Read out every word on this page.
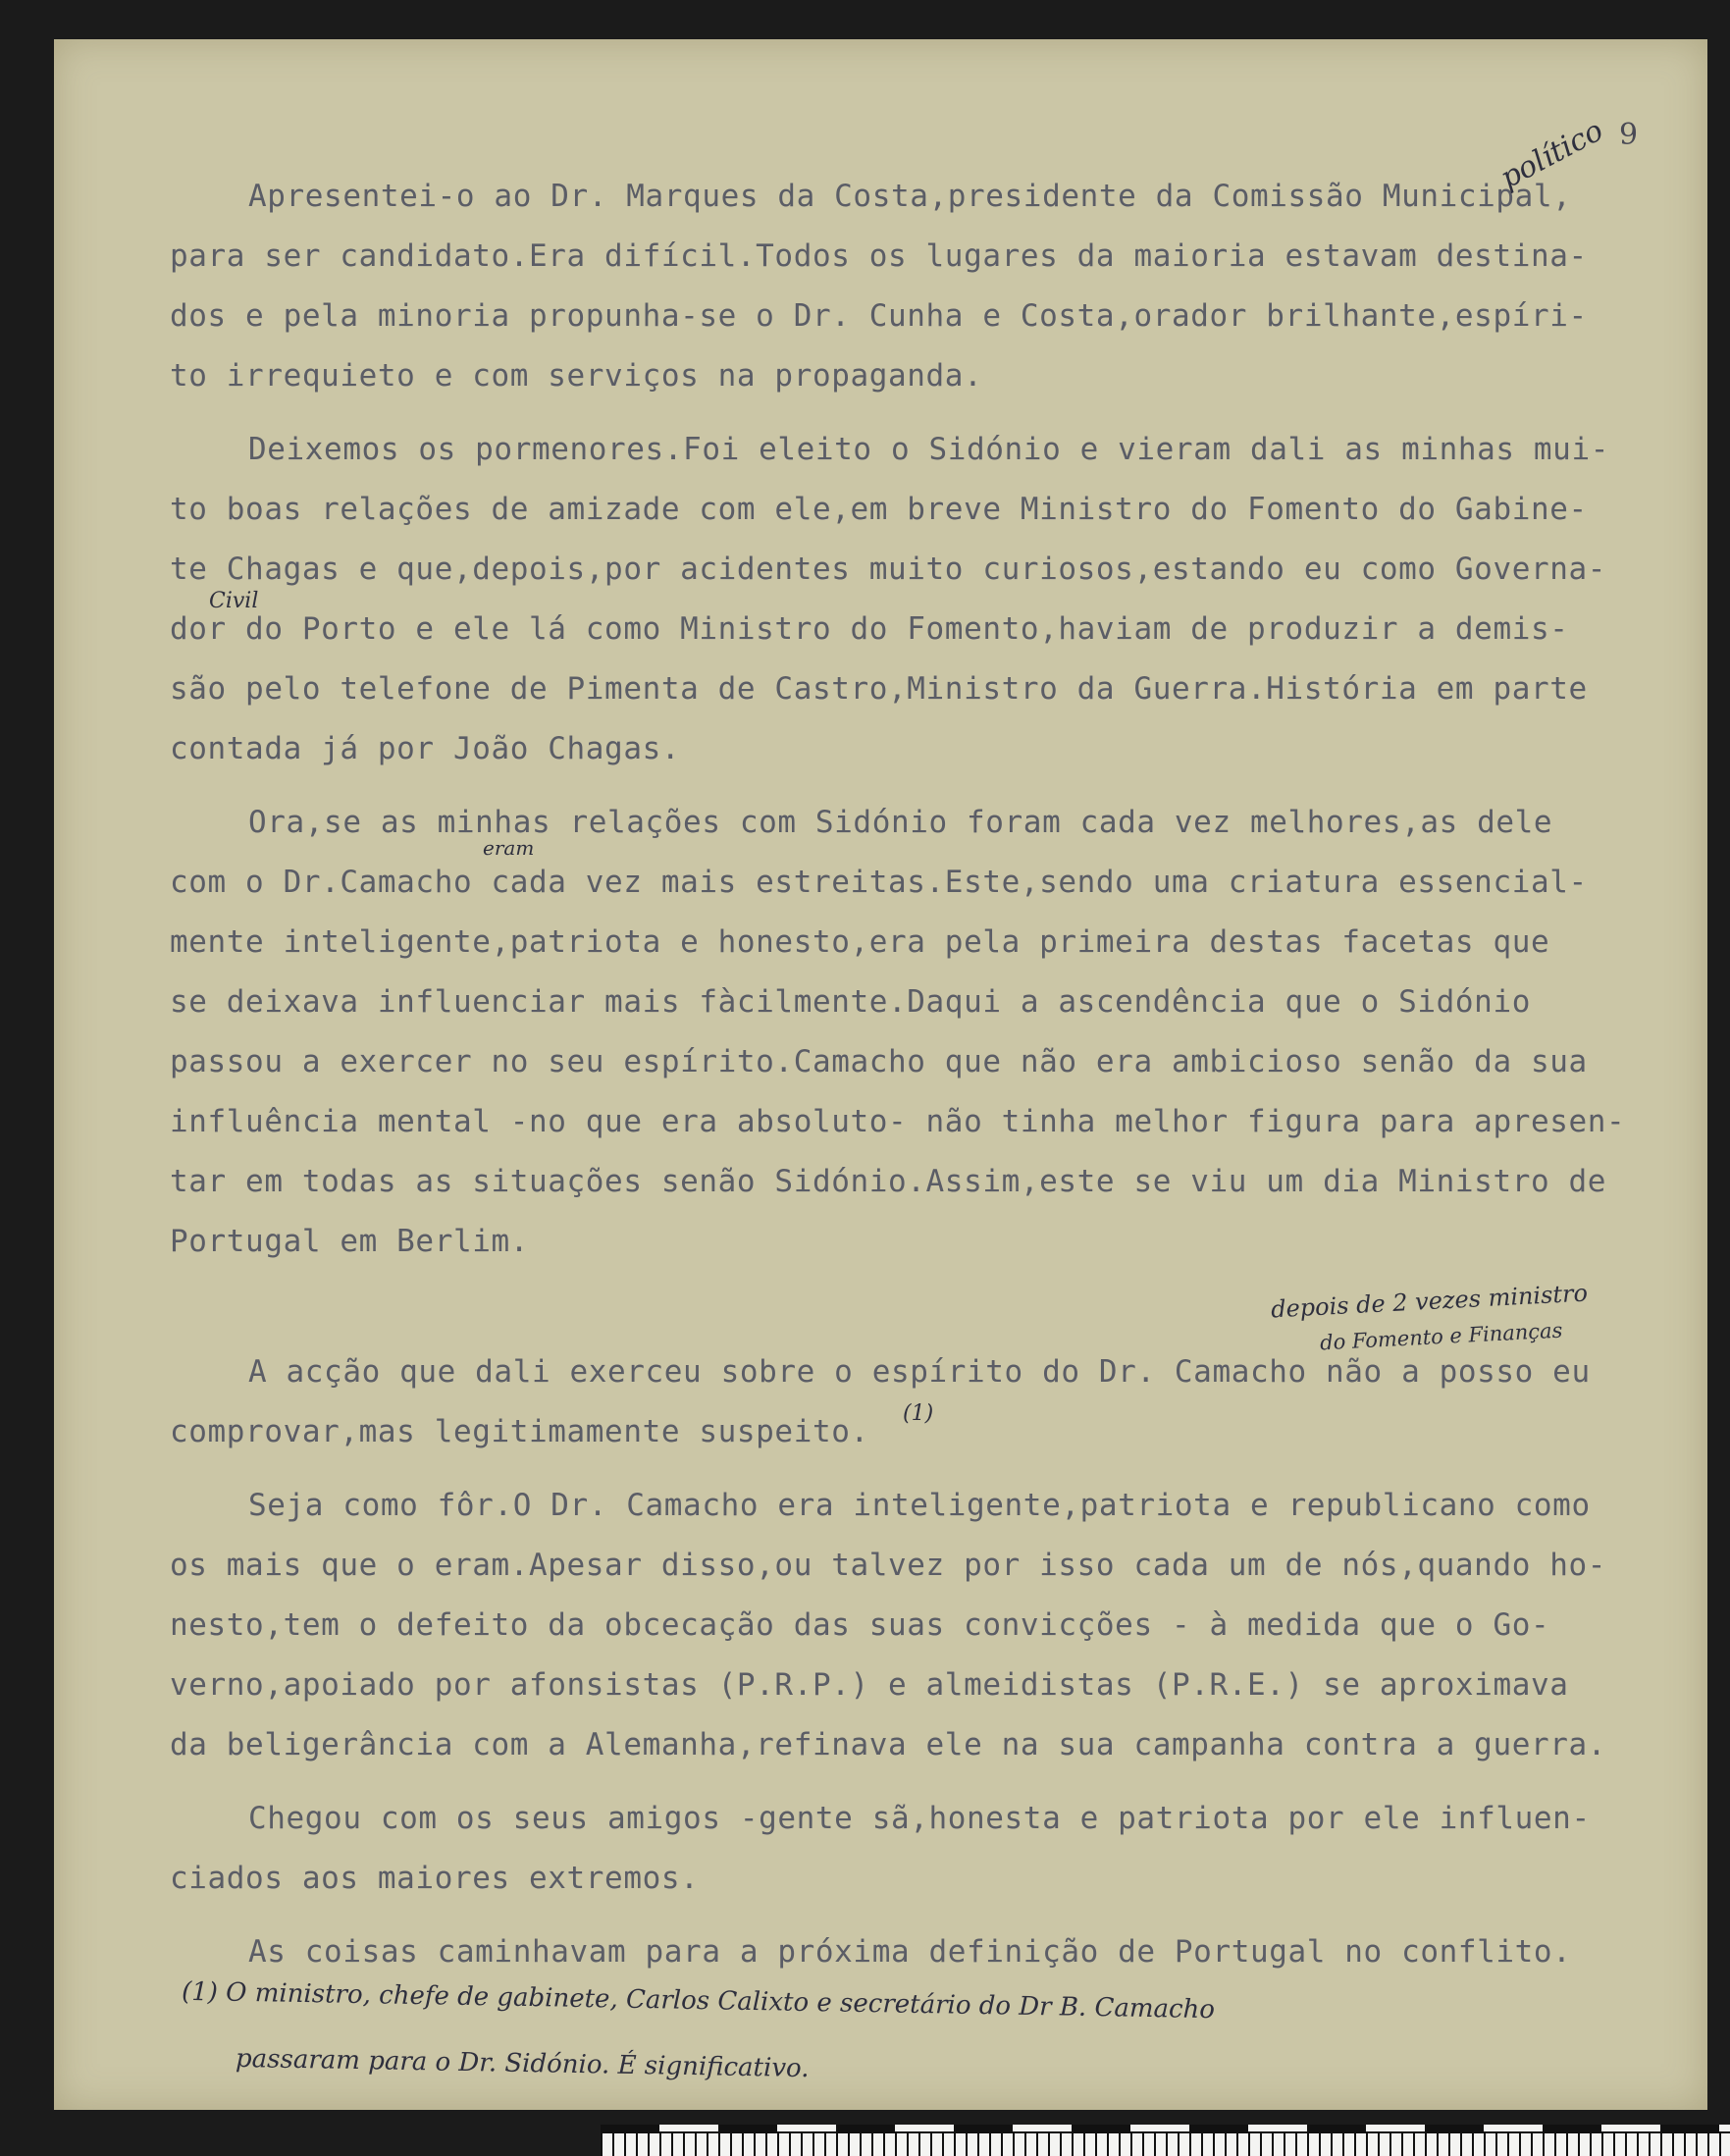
9
Apresentei-o ao Dr. Marques da Costa,presidente da Comissão Municipal,
para ser candidato.Era difícil.Todos os lugares da maioria estavam destina-
dos e pela minoria propunha-se o Dr. Cunha e Costa,orador brilhante,espíri-
to irrequieto e com serviços na propaganda.
Deixemos os pormenores.Foi eleito o Sidónio e vieram dali as minhas mui-
to boas relações de amizade com ele,em breve Ministro do Fomento do Gabine-
te Chagas e que,depois,por acidentes muito curiosos,estando eu como Governa-
dor do Porto e ele lá como Ministro do Fomento,haviam de produzir a demis-
são pelo telefone de Pimenta de Castro,Ministro da Guerra.História em parte
contada já por João Chagas.
Ora,se as minhas relações com Sidónio foram cada vez melhores,as dele
com o Dr.Camacho cada vez mais estreitas.Este,sendo uma criatura essencial-
mente inteligente,patriota e honesto,era pela primeira destas facetas que
se deixava influenciar mais fàcilmente.Daqui a ascendência que o Sidónio
passou a exercer no seu espírito.Camacho que não era ambicioso senão da sua
influência mental -no que era absoluto- não tinha melhor figura para apresen-
tar em todas as situações senão Sidónio.Assim,este se viu um dia Ministro de
Portugal em Berlim.
A acção que dali exerceu sobre o espírito do Dr. Camacho não a posso eu
comprovar,mas legitimamente suspeito.
Seja como fôr.O Dr. Camacho era inteligente,patriota e republicano como
os mais que o eram.Apesar disso,ou talvez por isso cada um de nós,quando ho-
nesto,tem o defeito da obcecação das suas convicções - à medida que o Go-
verno,apoiado por afonsistas (P.R.P.) e almeidistas (P.R.E.) se aproximava
da beligerância com a Alemanha,refinava ele na sua campanha contra a guerra.
Chegou com os seus amigos -gente sã,honesta e patriota por ele influen-
ciados aos maiores extremos.
As coisas caminhavam para a próxima definição de Portugal no conflito.
político
Civil
eram
(1)
depois de 2 vezes ministro
do Fomento e Finanças
(1) O ministro, chefe de gabinete, Carlos Calixto e secretário do Dr B. Camacho
passaram para o Dr. Sidónio. É significativo.
